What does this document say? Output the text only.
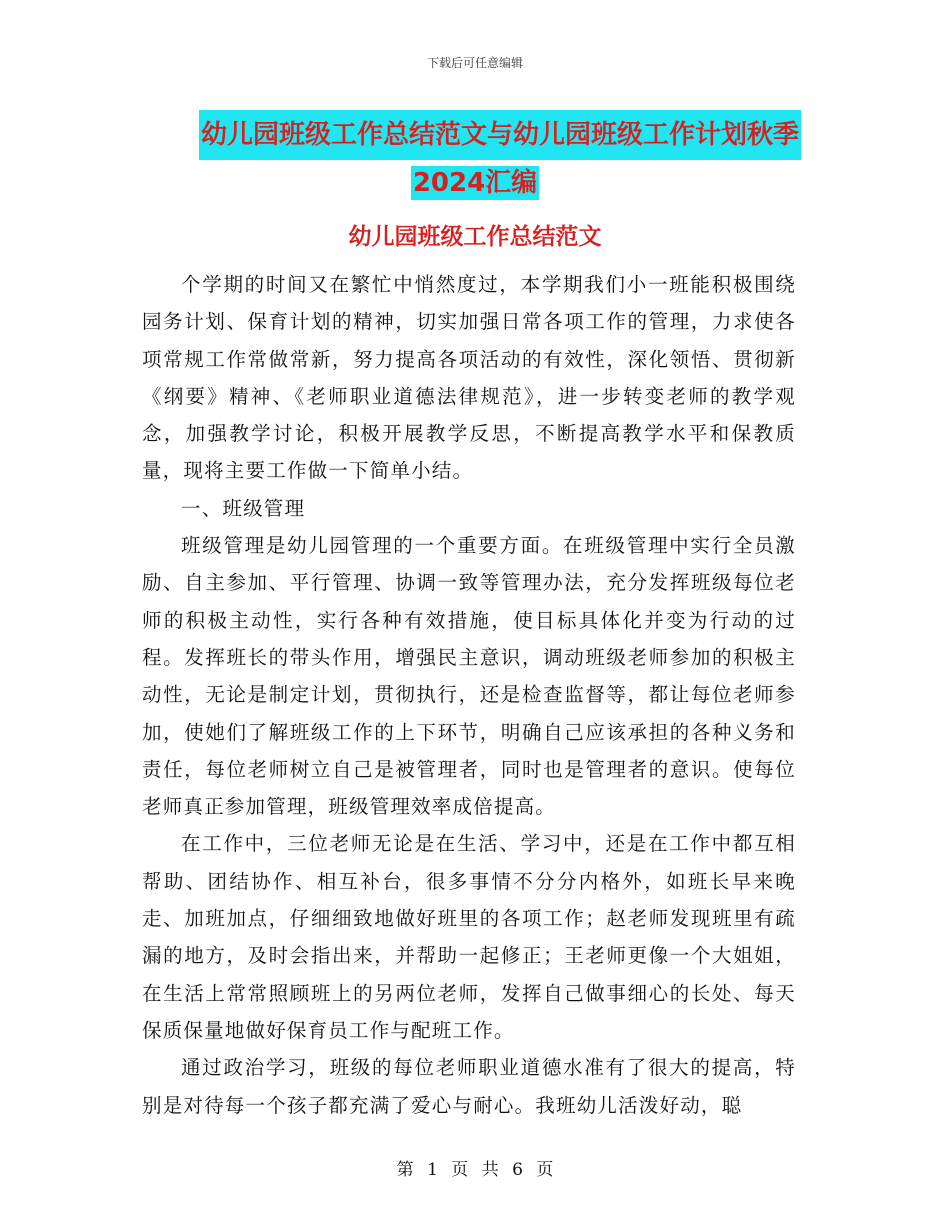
下载后可任意编辑
幼儿园班级工作总结范文与幼儿园班级工作计划秋季
2024汇编
幼儿园班级工作总结范文

个学期的时间又在繁忙中悄然度过，本学期我们小一班能积极围绕园务计划、保育计划的精神，切实加强日常各项工作的管理，力求使各项常规工作常做常新，努力提高各项活动的有效性，深化领悟、贯彻新《纲要》精神、《老师职业道德法律规范》，进一步转变老师的教学观念，加强教学讨论，积极开展教学反思，不断提高教学水平和保教质量，现将主要工作做一下简单小结。

一、班级管理

班级管理是幼儿园管理的一个重要方面。在班级管理中实行全员激励、自主参加、平行管理、协调一致等管理办法，充分发挥班级每位老师的积极主动性，实行各种有效措施，使目标具体化并变为行动的过程。发挥班长的带头作用，增强民主意识，调动班级老师参加的积极主动性，无论是制定计划，贯彻执行，还是检查监督等，都让每位老师参加，使她们了解班级工作的上下环节，明确自己应该承担的各种义务和责任，每位老师树立自己是被管理者，同时也是管理者的意识。使每位老师真正参加管理，班级管理效率成倍提高。

在工作中，三位老师无论是在生活、学习中，还是在工作中都互相帮助、团结协作、相互补台，很多事情不分分内格外，如班长早来晚走、加班加点，仔细细致地做好班里的各项工作；赵老师发现班里有疏漏的地方，及时会指出来，并帮助一起修正；王老师更像一个大姐姐，在生活上常常照顾班上的另两位老师，发挥自己做事细心的长处、每天保质保量地做好保育员工作与配班工作。

通过政治学习，班级的每位老师职业道德水准有了很大的提高，特别是对待每一个孩子都充满了爱心与耐心。我班幼儿活泼好动，聪

第 1 页 共 6 页
